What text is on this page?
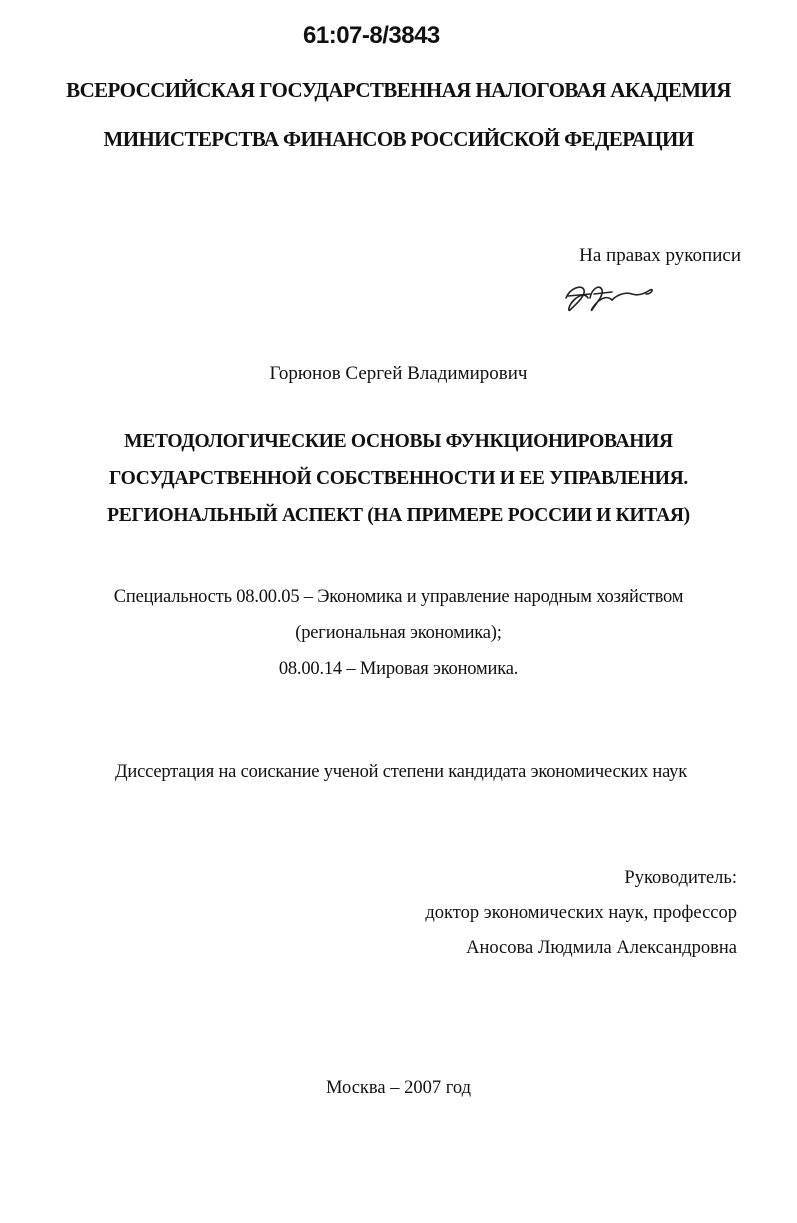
61:07-8/3843
ВСЕРОССИЙСКАЯ ГОСУДАРСТВЕННАЯ НАЛОГОВАЯ АКАДЕМИЯ
МИНИСТЕРСТВА ФИНАНСОВ РОССИЙСКОЙ ФЕДЕРАЦИИ
На правах рукописи
Горюнов Сергей Владимирович
МЕТОДОЛОГИЧЕСКИЕ ОСНОВЫ ФУНКЦИОНИРОВАНИЯ
ГОСУДАРСТВЕННОЙ СОБСТВЕННОСТИ И ЕЕ УПРАВЛЕНИЯ.
РЕГИОНАЛЬНЫЙ АСПЕКТ (НА ПРИМЕРЕ РОССИИ И КИТАЯ)
Специальность 08.00.05 – Экономика и управление народным хозяйством
(региональная экономика);
08.00.14 – Мировая экономика.
Диссертация на соискание ученой степени кандидата экономических наук
Руководитель:
доктор экономических наук, профессор
Аносова Людмила Александровна
Москва – 2007 год
